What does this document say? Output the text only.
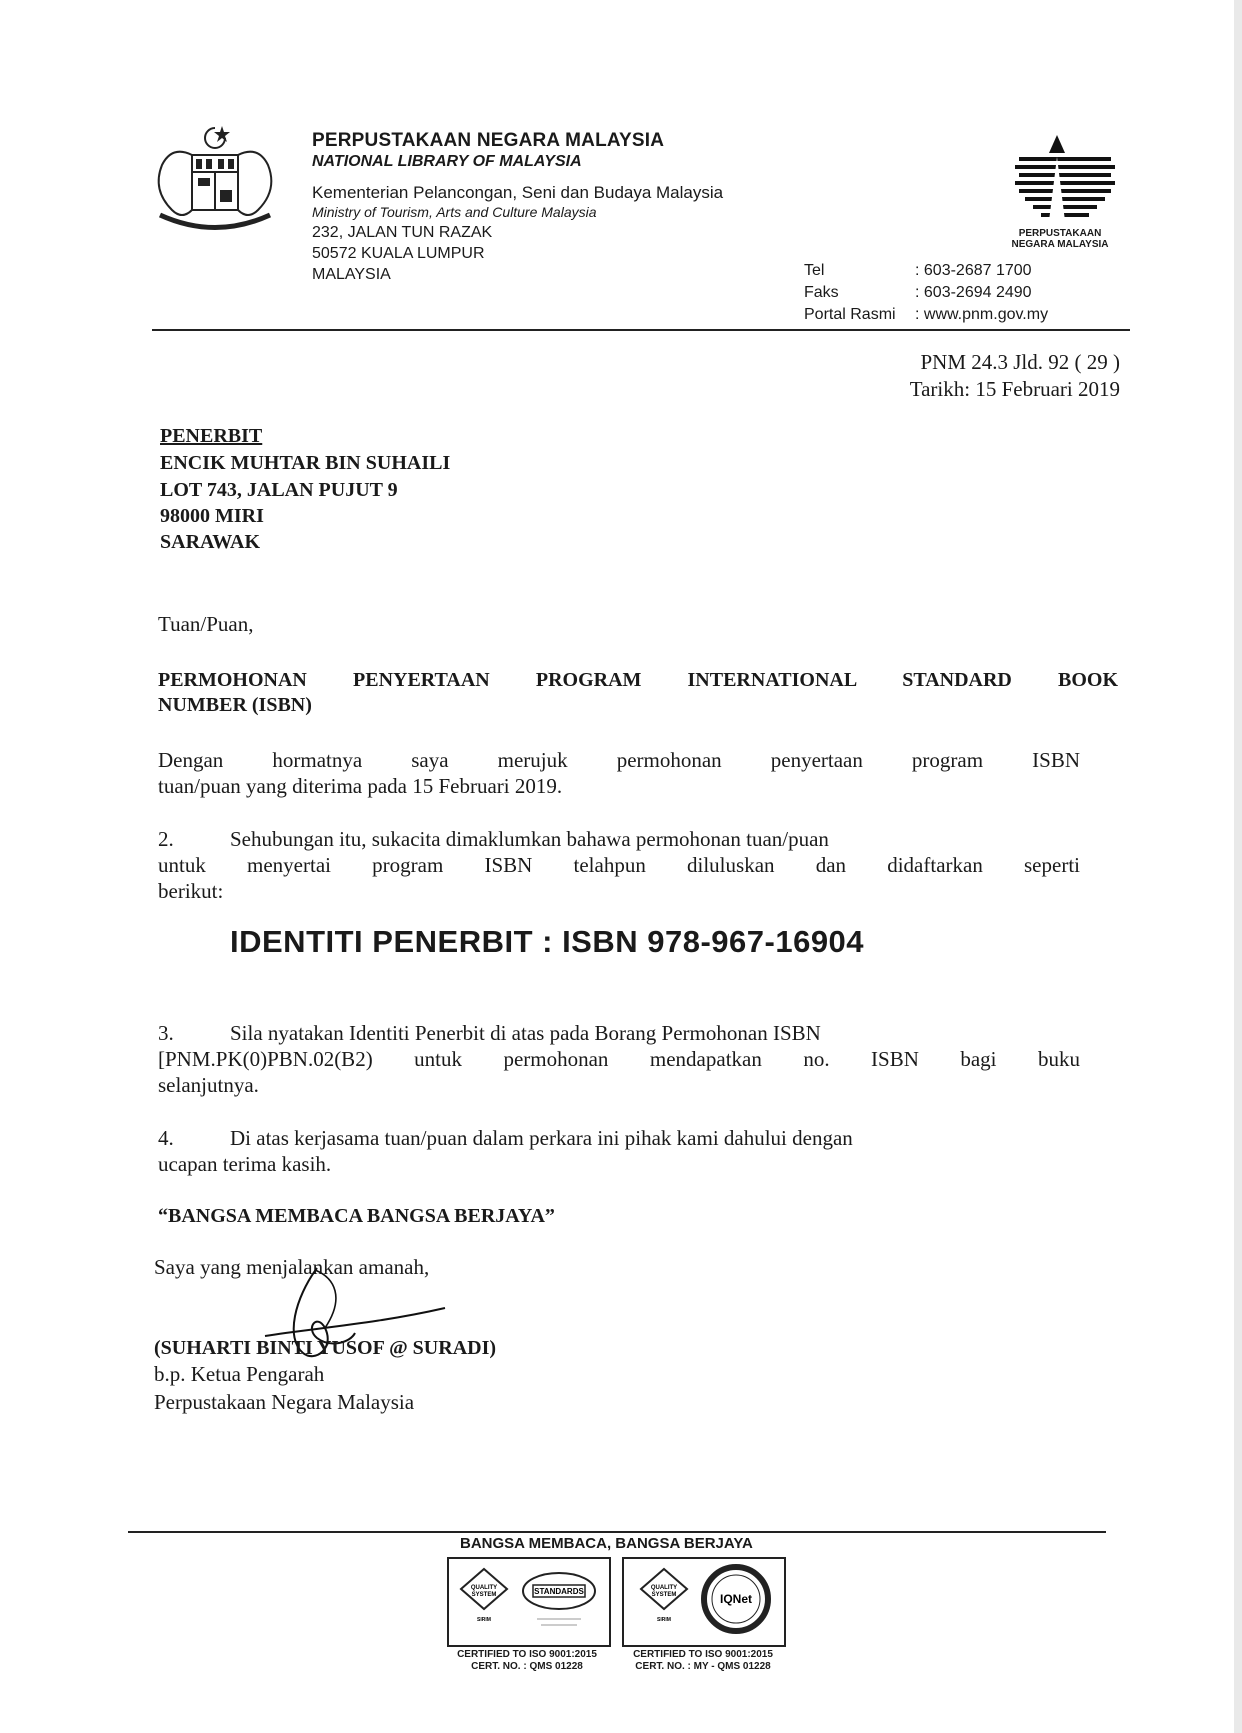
PERPUSTAKAAN NEGARA MALAYSIA
NATIONAL LIBRARY OF MALAYSIA
Kementerian Pelancongan, Seni dan Budaya Malaysia
Ministry of Tourism, Arts and Culture Malaysia
232, JALAN TUN RAZAK
50572 KUALA LUMPUR
MALAYSIA
PERPUSTAKAAN
NEGARA MALAYSIA
Tel	: 603-2687 1700
Faks	: 603-2694 2490
Portal Rasmi : www.pnm.gov.my
PNM 24.3 Jld. 92 ( 29 )
Tarikh: 15 Februari 2019
PENERBIT
ENCIK MUHTAR BIN SUHAILI
LOT 743, JALAN PUJUT 9
98000 MIRI
SARAWAK
Tuan/Puan,
PERMOHONAN PENYERTAAN PROGRAM INTERNATIONAL STANDARD BOOK
NUMBER (ISBN)
Dengan hormatnya saya merujuk permohonan penyertaan program ISBN
tuan/puan yang diterima pada 15 Februari 2019.
2.	Sehubungan itu, sukacita dimaklumkan bahawa permohonan tuan/puan
untuk menyertai program ISBN telahpun diluluskan dan didaftarkan seperti
berikut:
IDENTITI PENERBIT : ISBN 978-967-16904
3.	Sila nyatakan Identiti Penerbit di atas pada Borang Permohonan ISBN
[PNM.PK(0)PBN.02(B2) untuk permohonan mendapatkan no. ISBN bagi buku
selanjutnya.
4.	Di atas kerjasama tuan/puan dalam perkara ini pihak kami dahului dengan
ucapan terima kasih.
“BANGSA MEMBACA BANGSA BERJAYA”
Saya yang menjalankan amanah,
(SUHARTI BINTI YUSOF @ SURADI)
b.p. Ketua Pengarah
Perpustakaan Negara Malaysia
BANGSA MEMBACA, BANGSA BERJAYA
QUALITY
SYSTEM
SIRIM
STANDARDS
CERTIFIED TO ISO 9001:2015
CERT. NO. : QMS 01228
QUALITY
SYSTEM
SIRIM
IQNet
CERTIFIED TO ISO 9001:2015
CERT. NO. : MY - QMS 01228
